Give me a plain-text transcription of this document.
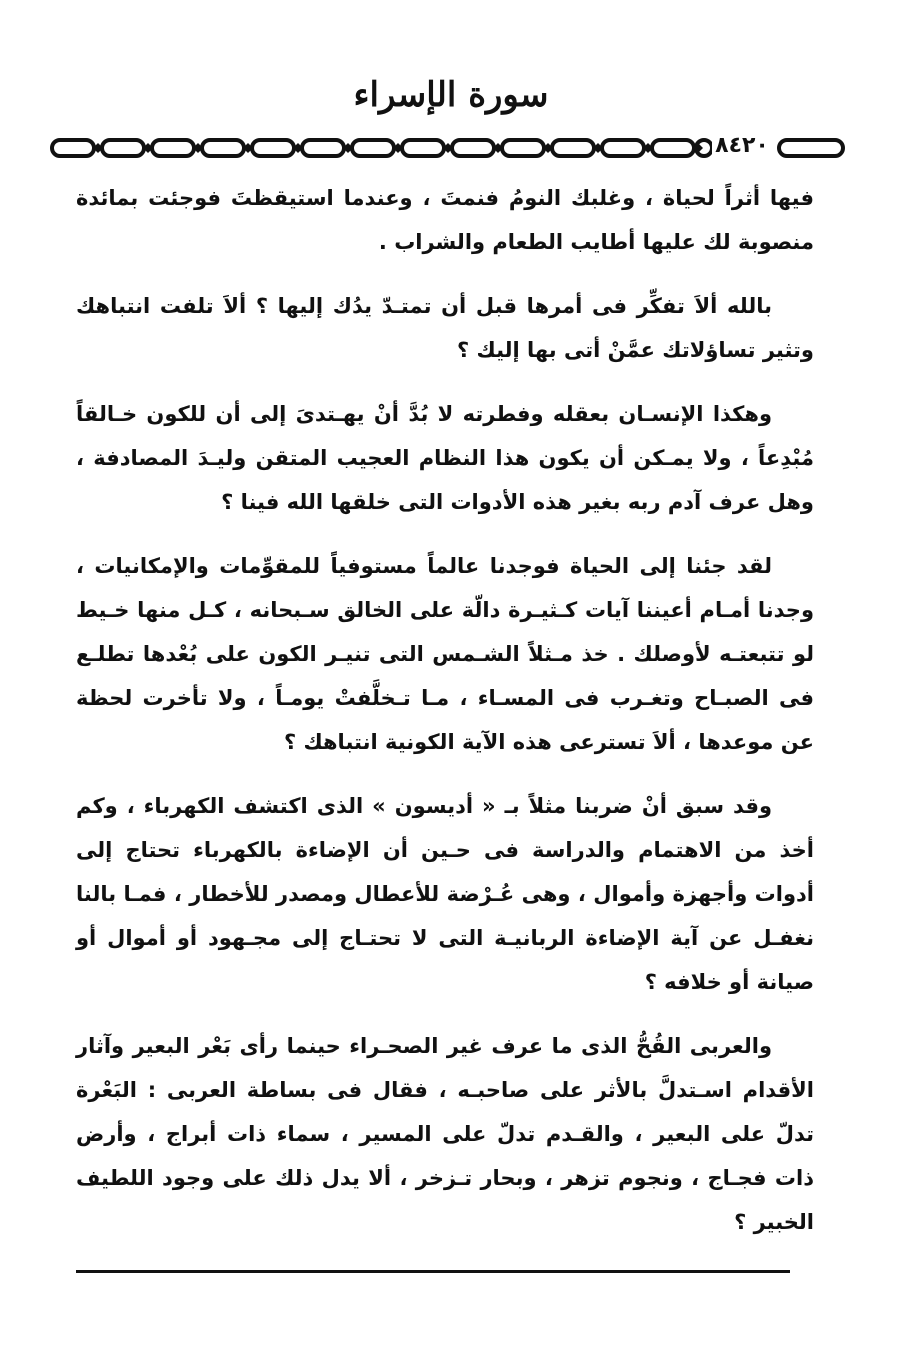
سورة الإسراء
٨٤٢٠

فيها أثراً لحياة ، وغلبك النومُ فنمتَ ، وعندما استيقظتَ فوجئت بمائدة منصوبة لك عليها أطايب الطعام والشراب .

بالله ألاَ تفكِّر فى أمرها قبل أن تمتـدّ يدُك إليها ؟ ألاَ تلفت انتباهك وتثير تساؤلاتك عمَّنْ أتى بها إليك ؟

وهكذا الإنسـان بعقله وفطرته لا بُدَّ أنْ يهـتدىَ إلى أن للكون خـالقاً مُبْدِعاً ، ولا يمـكن أن يكون هذا النظام العجيب المتقن وليـدَ المصادفة ، وهل عرف آدم ربه بغير هذه الأدوات التى خلقها الله فينا ؟

لقد جئنا إلى الحياة فوجدنا عالماً مستوفياً للمقوِّمات والإمكانيات ، وجدنا أمـام أعيننا آيات كـثيـرة دالّة على الخالق سـبحانه ، كـل منها خـيط لو تتبعتـه لأوصلك . خذ مـثلاً الشـمس التى تنيـر الكون على بُعْدها تطلـع فى الصبـاح وتغـرب فى المسـاء ، مـا تـخلَّفتْ يومـاً ، ولا تأخرت لحظة عن موعدها ، ألاَ تسترعى هذه الآية الكونية انتباهك ؟

وقد سبق أنْ ضربنا مثلاً بـ « أديسون » الذى اكتشف الكهرباء ، وكم أخذ من الاهتمام والدراسة فى حـين أن الإضاءة بالكهرباء تحتاج إلى أدوات وأجهزة وأموال ، وهى عُـرْضة للأعطال ومصدر للأخطار ، فمـا بالنا نغفـل عن آية الإضاءة الربانيـة التى لا تحتـاج إلى مجـهود أو أموال أو صيانة أو خلافه ؟

والعربى القُحُّ الذى ما عرف غير الصحـراء حينما رأى بَعْر البعير وآثار الأقدام اسـتدلَّ بالأثر على صاحبـه ، فقال فى بساطة العربى : البَعْرة تدلّ على البعير ، والقـدم تدلّ على المسير ، سماء ذات أبراج ، وأرض ذات فجـاج ، ونجوم تزهر ، وبحار تـزخر ، ألا يدل ذلك على وجود اللطيف الخبير ؟
